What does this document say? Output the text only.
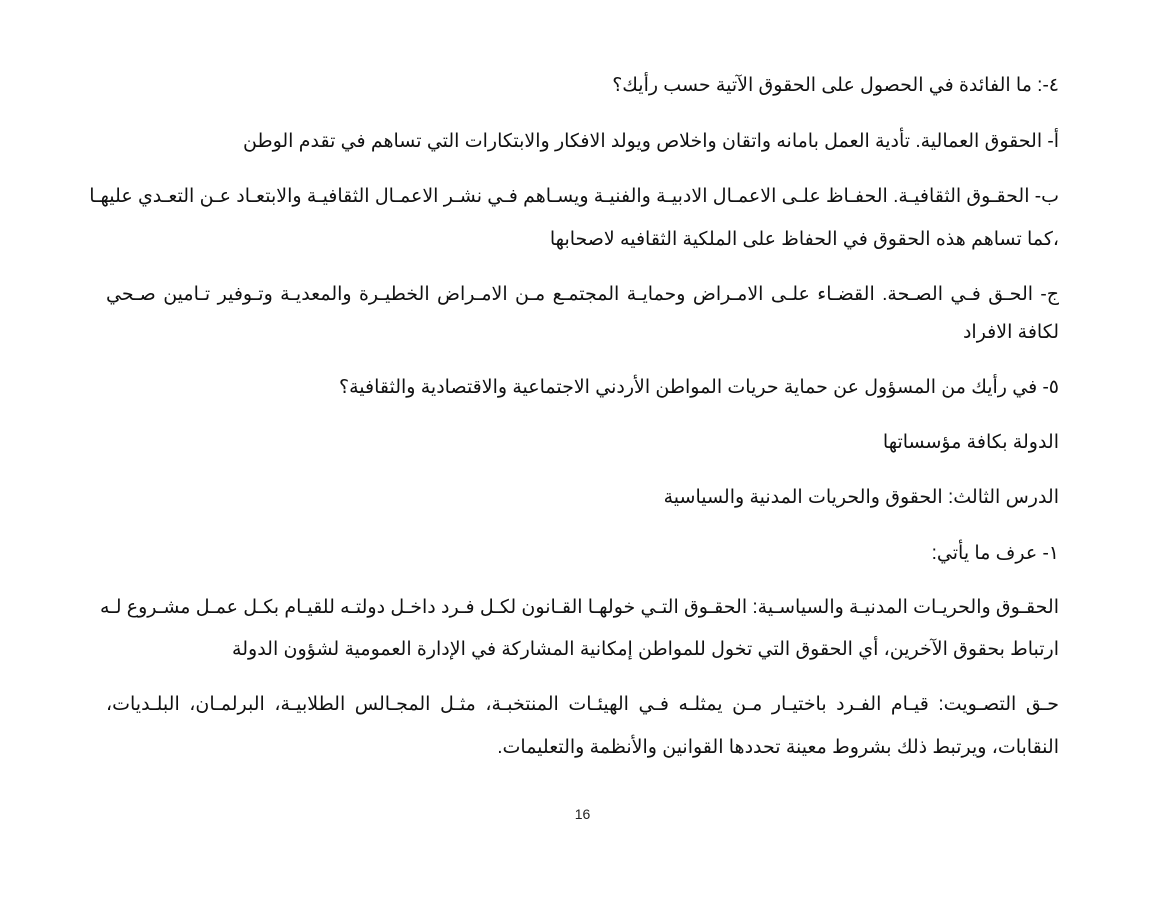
٤-: ما الفائدة في الحصول على الحقوق الآتية حسب رأيك؟
أ- الحقوق العمالية. تأدية العمل بامانه واتقان واخلاص ويولد الافكار والابتكارات التي تساهم في تقدم الوطن
ب- الحقـوق الثقافيـة. الحفـاظ علـى الاعمـال الادبيـة والفنيـة ويسـاهم فـي نشـر الاعمـال الثقافيـة والابتعـاد عـن التعـدي عليهـا
،كما تساهم هذه الحقوق في الحفاظ على الملكية الثقافيه لاصحابها
ج- الحـق فـي الصـحة. القضـاء علـى الامـراض وحمايـة المجتمـع مـن الامـراض الخطيـرة والمعديـة وتـوفير تـامين صـحي
لكافة الافراد
٥- في رأيك من المسؤول عن حماية حريات المواطن الأردني الاجتماعية والاقتصادية والثقافية؟
الدولة بكافة مؤسساتها
الدرس الثالث: الحقوق والحريات المدنية والسياسية
١- عرف ما يأتي:
الحقـوق والحريـات المدنيـة والسياسـية: الحقـوق التـي خولهـا القـانون لكـل فـرد داخـل دولتـه للقيـام بكـل عمـل مشـروع لـه
ارتباط بحقوق الآخرين، أي الحقوق التي تخول للمواطن إمكانية المشاركة في الإدارة العمومية لشؤون الدولة
حـق التصـويت: قيـام الفـرد باختيـار مـن يمثلـه فـي الهيئـات المنتخبـة، مثـل المجـالس الطلابيـة، البرلمـان، البلـديات،
النقابات، ويرتبط ذلك بشروط معينة تحددها القوانين والأنظمة والتعليمات.
16
